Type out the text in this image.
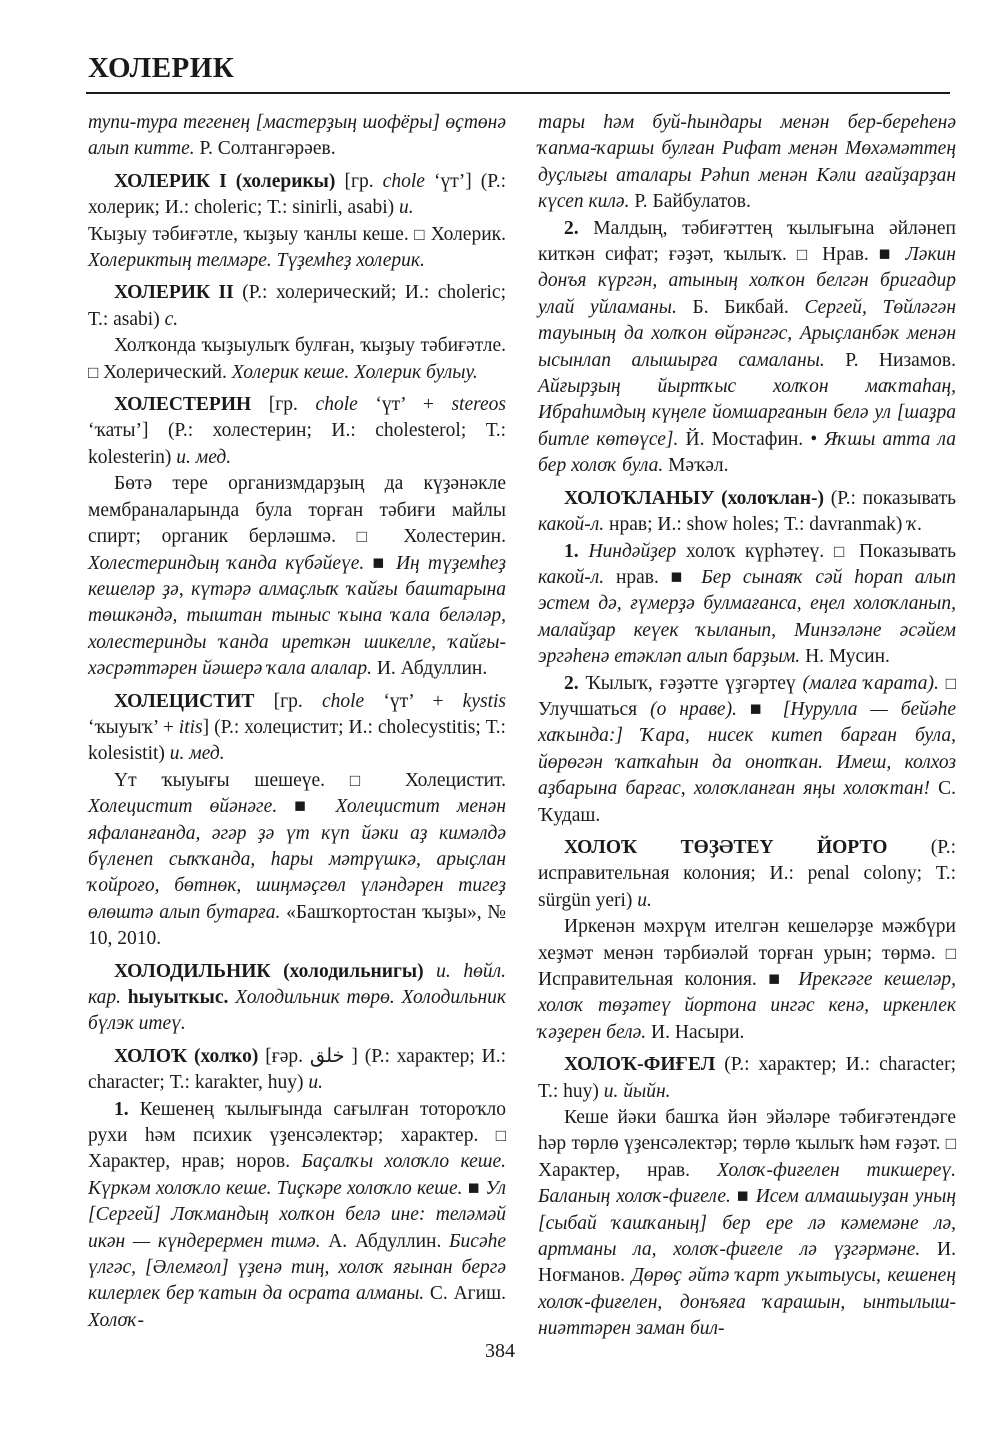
ХОЛЕРИК

тупи-тура тегенең [мастерҙың шофёры] өҫтөнә алып китте. Р. Солтангәрәев.

ХОЛЕРИК I (холерикы) [гр. chole ‘үт’] (Р.: холерик; И.: choleric; Т.: sinirli, asabi) и.

Ҡыҙыу тәбиғәтле, ҡыҙыу ҡанлы кеше. □ Холерик. Холериктың телмәре. Түҙемһеҙ холерик.

ХОЛЕРИК II (Р.: холерический; И.: choleric; Т.: asabi) с.

Холҡонда ҡыҙыулыҡ булған, ҡыҙыу тәбиғәтле. □ Холерический. Холерик кеше. Холерик булыу.

ХОЛЕСТЕРИН [гр. chole ‘үт’ + stereos ‘ҡаты’] (Р.: холестерин; И.: cholesterol; Т.: kolesterin) и. мед.

Бөтә тере организмдарҙың да күҙәнәкле мембраналарында була торған тәбиғи майлы спирт; органик берләшмә. □ Холестерин. Холестериндың ҡанда күбәйеүе. ■ Иң түҙемһеҙ кешеләр ҙә, күтәрә алмаҫлыҡ ҡайғы баштарына төшкәндә, тыштан тыныс ҡына ҡала беләләр, холестеринды ҡанда иреткән шикелле, ҡайғы-хәсрәттәрен йәшерә ҡала алалар. И. Абдуллин.

ХОЛЕЦИСТИТ [гр. chole ‘үт’ + kystis ‘ҡыуыҡ’ + itis] (Р.: холецистит; И.: cholecystitis; Т.: kolesistit) и. мед.

Үт ҡыуығы шешеүе. □ Холецистит. Холецистит өйәнәге. ■ Холецистит менән яфаланғанда, әгәр ҙә үт күп йәки аҙ кимәлдә бүленеп сыҡҡанда, һары мәтрүшкә, арыҫлан ҡойроғо, бөтнөк, шиңмәҫгөл үләндәрен тигеҙ өлөштә алып бутарға. «Башҡортостан ҡыҙы», № 10, 2010.

ХОЛОДИЛЬНИК (холодильнигы) и. һөйл. кар. һыуыткыс. Холодильник төрө. Холодильник бүлэк итеү.

ХОЛОҠ (холҡо) [ғәр. خلق ] (Р.: характер; И.: character; Т.: karakter, huy) и.

1. Кешенең ҡылығында сағылған тотороҡло рухи һәм психик үҙенсәлектәр; характер. □ Характер, нрав; норов. Баҫалҡы холоҡло кеше. Күркәм холоҡло кеше. Тиҫкәре холоҡло кеше. ■ Ул [Сергей] Лоҡмандың холҡон белә ине: теләмәй икән — күндерермен тимә. А. Абдуллин. Бисәһе үлгәс, [Әлемғол] үҙенә тиң, холоҡ яғынан бергә килерлек бер ҡатын да осрата алманы. С. Агиш. Холоҡ-

тары һәм буй-һындары менән бер-береһенә ҡапма-ҡаршы булған Рифат менән Мөхәмәттең дуҫлығы аталары Рәһип менән Кәли ағайҙарҙан күсеп килә. Р. Байбулатов.

2. Малдың, тәбиғәттең ҡылығына әйләнеп киткән сифат; ғәҙәт, ҡылыҡ. □ Нрав. ■ Ләкин донъя күргән, атының холҡон белгән бригадир улай уйламаны. Б. Бикбай. Сергей, Төйләгән тауының да холҡон өйрәнгәс, Арыҫланбәк менән ысынлап алышырға самаланы. Р. Низамов. Айғырҙың йыртҡыс холҡон маҡтаһаң, Ибраһимдың күңеле йомшарғанын белә ул [шаҙра битле көтөүсе]. Й. Мостафин. • Яҡшы атта ла бер холоҡ була. Мәҡәл.

ХОЛОҠЛАНЫУ (холоҡлан-) (Р.: показывать какой-л. нрав; И.: show holes; Т.: davranmak) ҡ.

1. Ниндәйҙер холоҡ күрһәтеү. □ Показывать какой-л. нрав. ■ Бер сынаяҡ сәй һорап алып эстем дә, ғүмерҙә булмағанса, еңел холоҡланып, малайҙар кеүек ҡыланып, Минзәләнe әсәйем эргәһенә етәкләп алып барҙым. Н. Мусин.

2. Ҡылыҡ, ғәҙәтте үҙгәртеү (малға ҡарата). □ Улучшаться (о нраве). ■ [Нурулла — бейәһе хаҡында:] Ҡара, нисек китеп барған була, йөрөгән ҡапҡаһын да онотҡан. Имеш, колхоз аҙбарына барғас, холоҡланған яңы холоҡтан! С. Ҡудаш.

ХОЛОҠ ТӨҘӘТЕҮ ЙОРТО (Р.: исправительная колония; И.: penal colony; Т.: sürgün yeri) и.

Иркенән мәхрүм ителгән кешеләрҙе мәжбүри хеҙмәт менән тәрбиәләй торған урын; төрмә. □ Исправительная колония. ■ Ирекгәге кешеләр, холоҡ төҙәтеү йортона ингәс кенә, иркенлек ҡәҙерен белә. И. Насыри.

ХОЛОҠ-ФИҒЕЛ (Р.: характер; И.: character; Т.: huy) и. йыйн.

Кеше йәки башҡа йән эйәләре тәбиғәтендәге һәр төрлө үҙенсәлектәр; төрлө ҡылыҡ һәм ғәҙәт. □ Характер, нрав. Холоҡ-фиғелен тикшереү. Баланың холоҡ-фиғеле. ■ Исем алмашыуҙан уның [сыбай ҡашҡаның] бер ере лә кәмемәне лә, артманы ла, холоҡ-фиғеле лә үҙгәрмәне. И. Ноғманов. Дөрөҫ әйтә ҡарт уҡытыусы, кешенең холоҡ-фиғелен, донъяға ҡарашын, ынтылыш-ниәттәрен заман бил-

384
